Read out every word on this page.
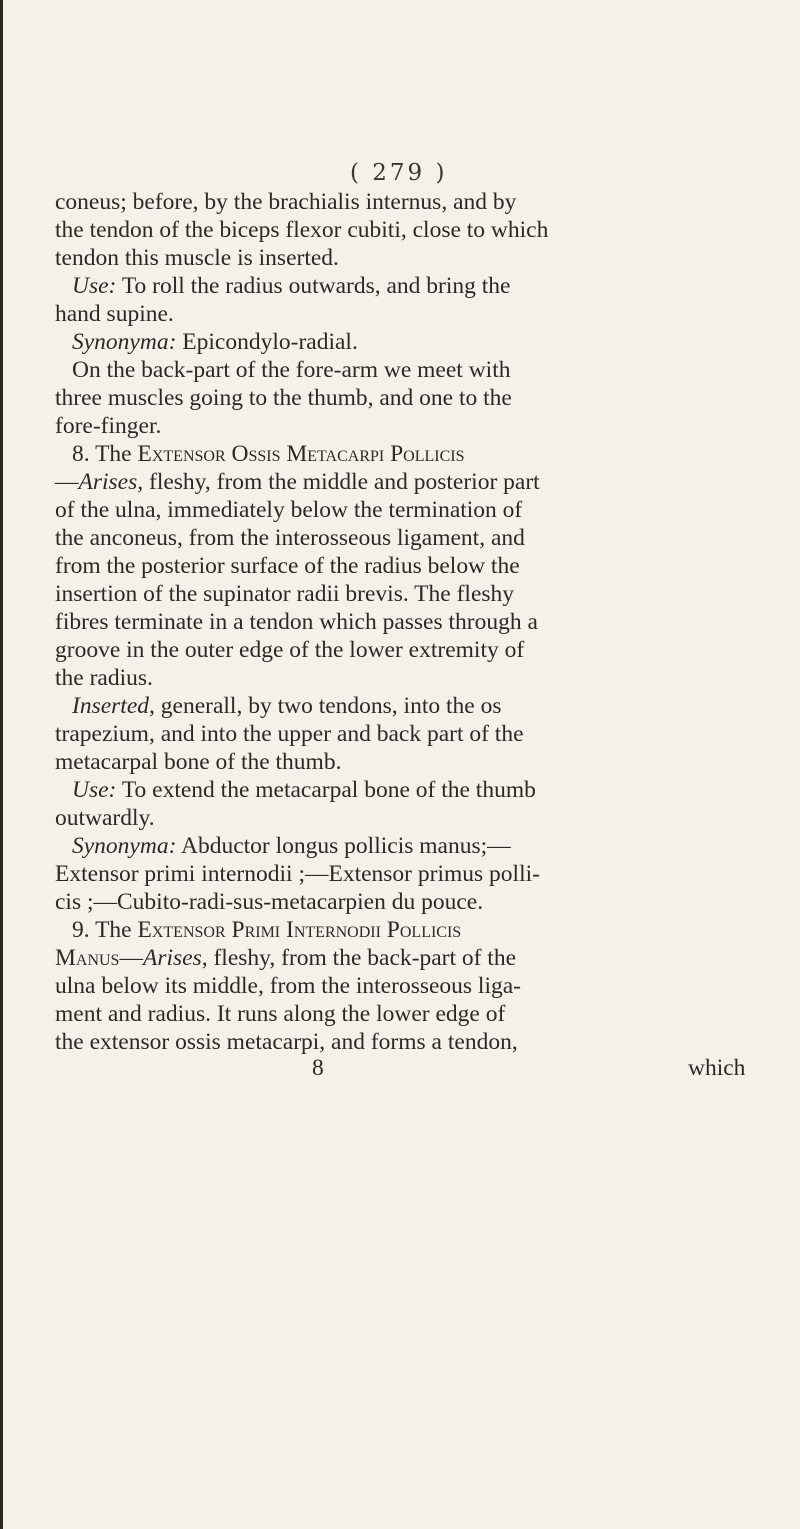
( 279 )
coneus; before, by the brachialis internus, and by
the tendon of the biceps flexor cubiti, close to which
tendon this muscle is inserted.
Use: To roll the radius outwards, and bring the
hand supine.
Synonyma: Epicondylo-radial.
On the back-part of the fore-arm we meet with
three muscles going to the thumb, and one to the
fore-finger.
8. The Extensor Ossis Metacarpi Pollicis
—Arises, fleshy, from the middle and posterior part
of the ulna, immediately below the termination of
the anconeus, from the interosseous ligament, and
from the posterior surface of the radius below the
insertion of the supinator radii brevis. The fleshy
fibres terminate in a tendon which passes through a
groove in the outer edge of the lower extremity of
the radius.
Inserted, generall, by two tendons, into the os
trapezium, and into the upper and back part of the
metacarpal bone of the thumb.
Use: To extend the metacarpal bone of the thumb
outwardly.
Synonyma: Abductor longus pollicis manus;—
Extensor primi internodii ;—Extensor primus polli-
cis ;—Cubito-radi-sus-metacarpien du pouce.
9. The Extensor Primi Internodii Pollicis
Manus—Arises, fleshy, from the back-part of the
ulna below its middle, from the interosseous liga-
ment and radius. It runs along the lower edge of
the extensor ossis metacarpi, and forms a tendon,
8	which
